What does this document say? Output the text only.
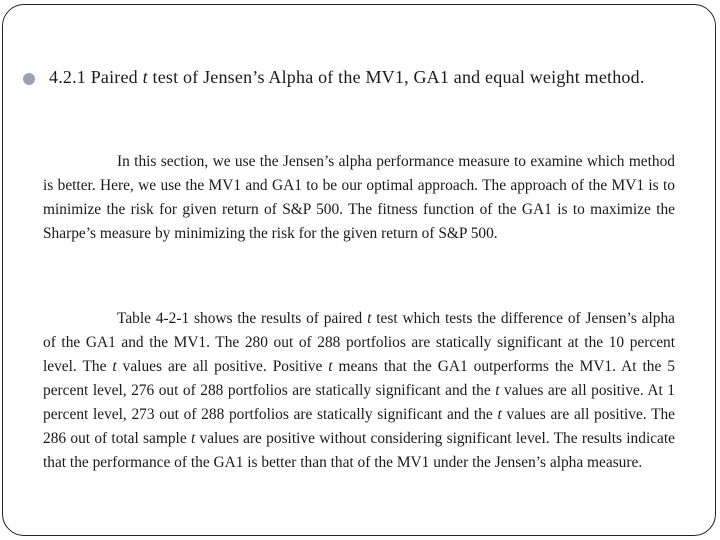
4.2.1 Paired t test of Jensen’s Alpha of the MV1, GA1 and equal weight method.
In this section, we use the Jensen’s alpha performance measure to examine which method is better. Here, we use the MV1 and GA1 to be our optimal approach. The approach of the MV1 is to minimize the risk for given return of S&P 500. The fitness function of the GA1 is to maximize the Sharpe’s measure by minimizing the risk for the given return of S&P 500.
Table 4-2-1 shows the results of paired t test which tests the difference of Jensen’s alpha of the GA1 and the MV1. The 280 out of 288 portfolios are statically significant at the 10 percent level. The t values are all positive. Positive t means that the GA1 outperforms the MV1. At the 5 percent level, 276 out of 288 portfolios are statically significant and the t values are all positive. At 1 percent level, 273 out of 288 portfolios are statically significant and the t values are all positive. The 286 out of total sample t values are positive without considering significant level. The results indicate that the performance of the GA1 is better than that of the MV1 under the Jensen’s alpha measure.
